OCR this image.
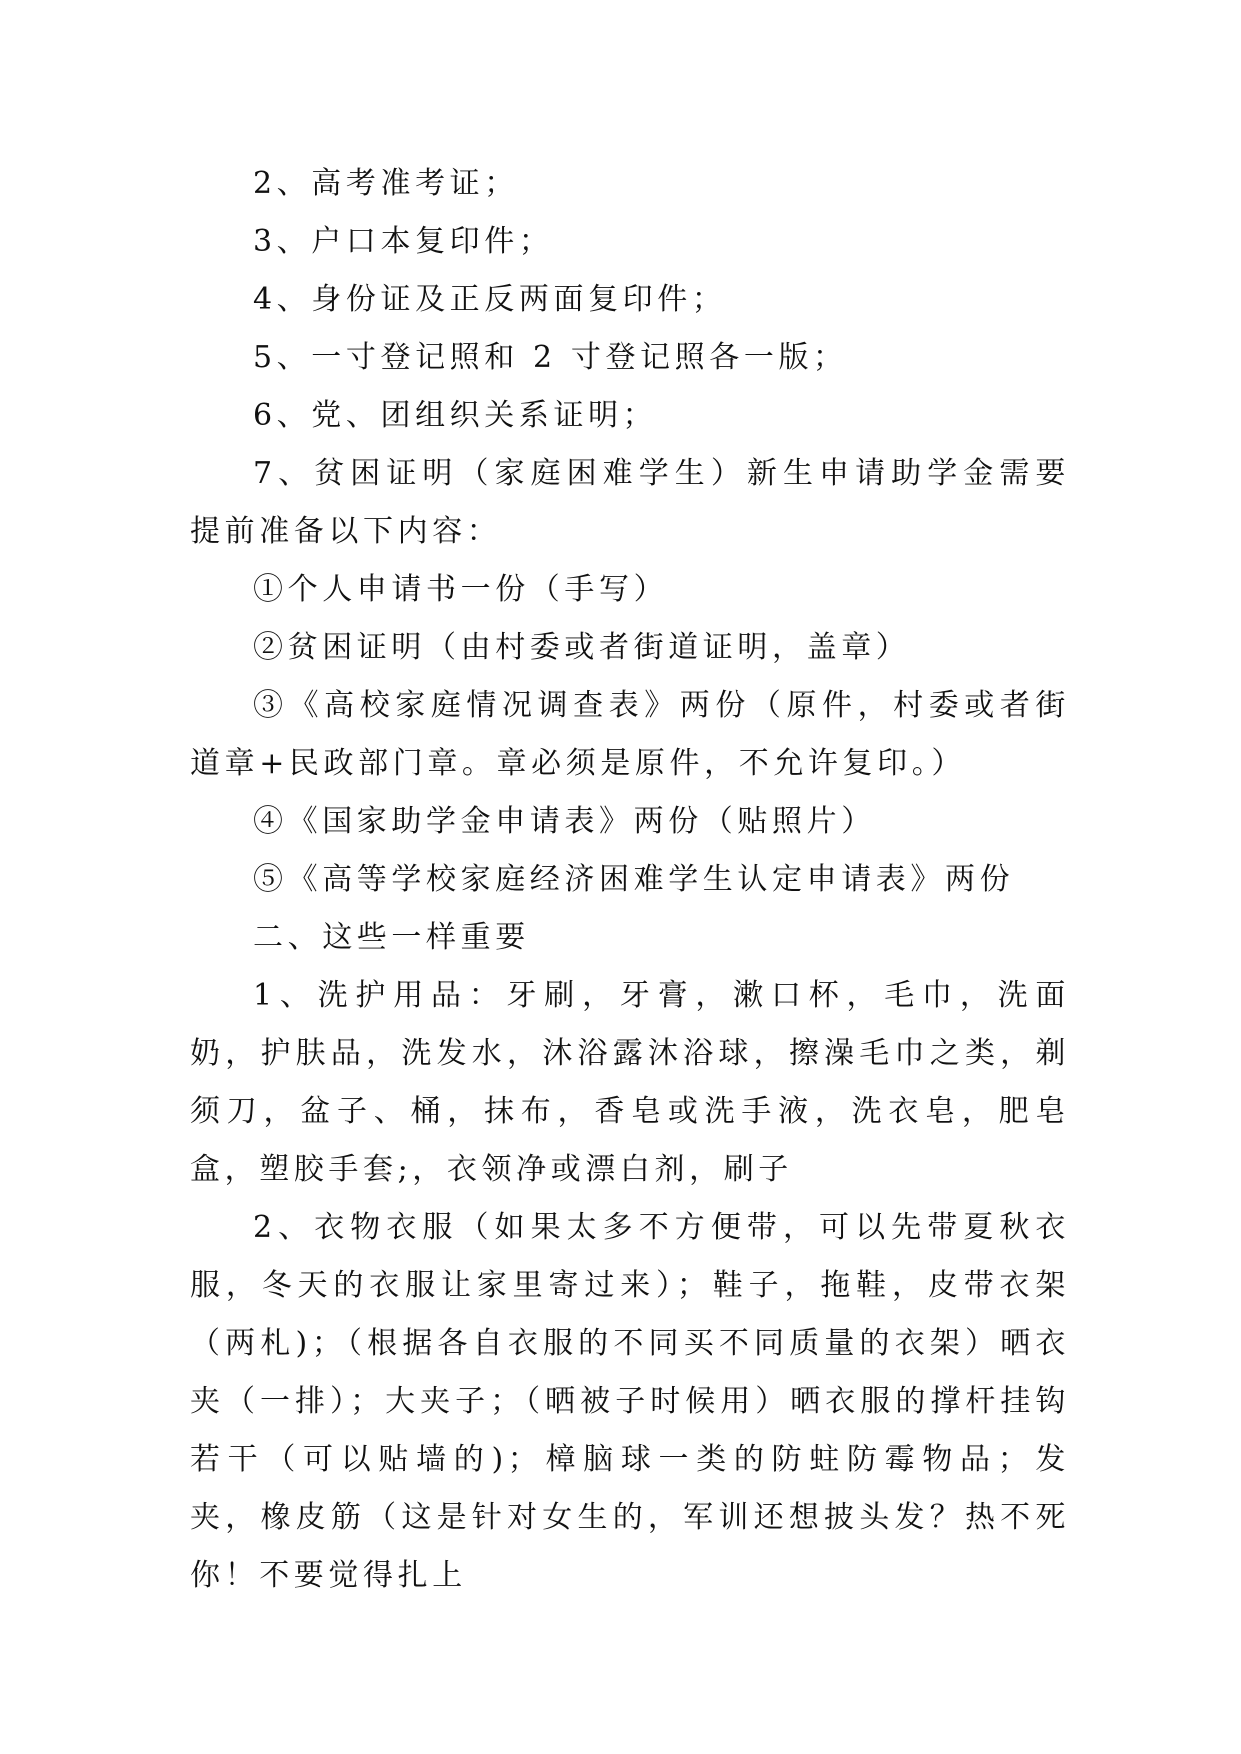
2、高考准考证；

3、户口本复印件；

4、身份证及正反两面复印件；

5、一寸登记照和 2 寸登记照各一版；

6、党、团组织关系证明；

7、贫困证明（家庭困难学生）新生申请助学金需要提前准备以下内容：

①个人申请书一份（手写）

②贫困证明（由村委或者街道证明，盖章）

③《高校家庭情况调查表》两份（原件，村委或者街道章+民政部门章。章必须是原件，不允许复印。）

④《国家助学金申请表》两份（贴照片）

⑤《高等学校家庭经济困难学生认定申请表》两份

二、这些一样重要

1、洗护用品：牙刷，牙膏，漱口杯，毛巾，洗面奶，护肤品，洗发水，沐浴露沐浴球，擦澡毛巾之类，剃须刀，盆子、桶，抹布，香皂或洗手液，洗衣皂，肥皂盒，塑胶手套;，衣领净或漂白剂，刷子

2、衣物衣服（如果太多不方便带，可以先带夏秋衣服，冬天的衣服让家里寄过来）；鞋子，拖鞋，皮带衣架（两札)；（根据各自衣服的不同买不同质量的衣架）晒衣夹（一排）；大夹子；（晒被子时候用）晒衣服的撑杆挂钩若干（可以贴墙的)；樟脑球一类的防蛀防霉物品；发夹，橡皮筋（这是针对女生的，军训还想披头发？热不死你！不要觉得扎上
